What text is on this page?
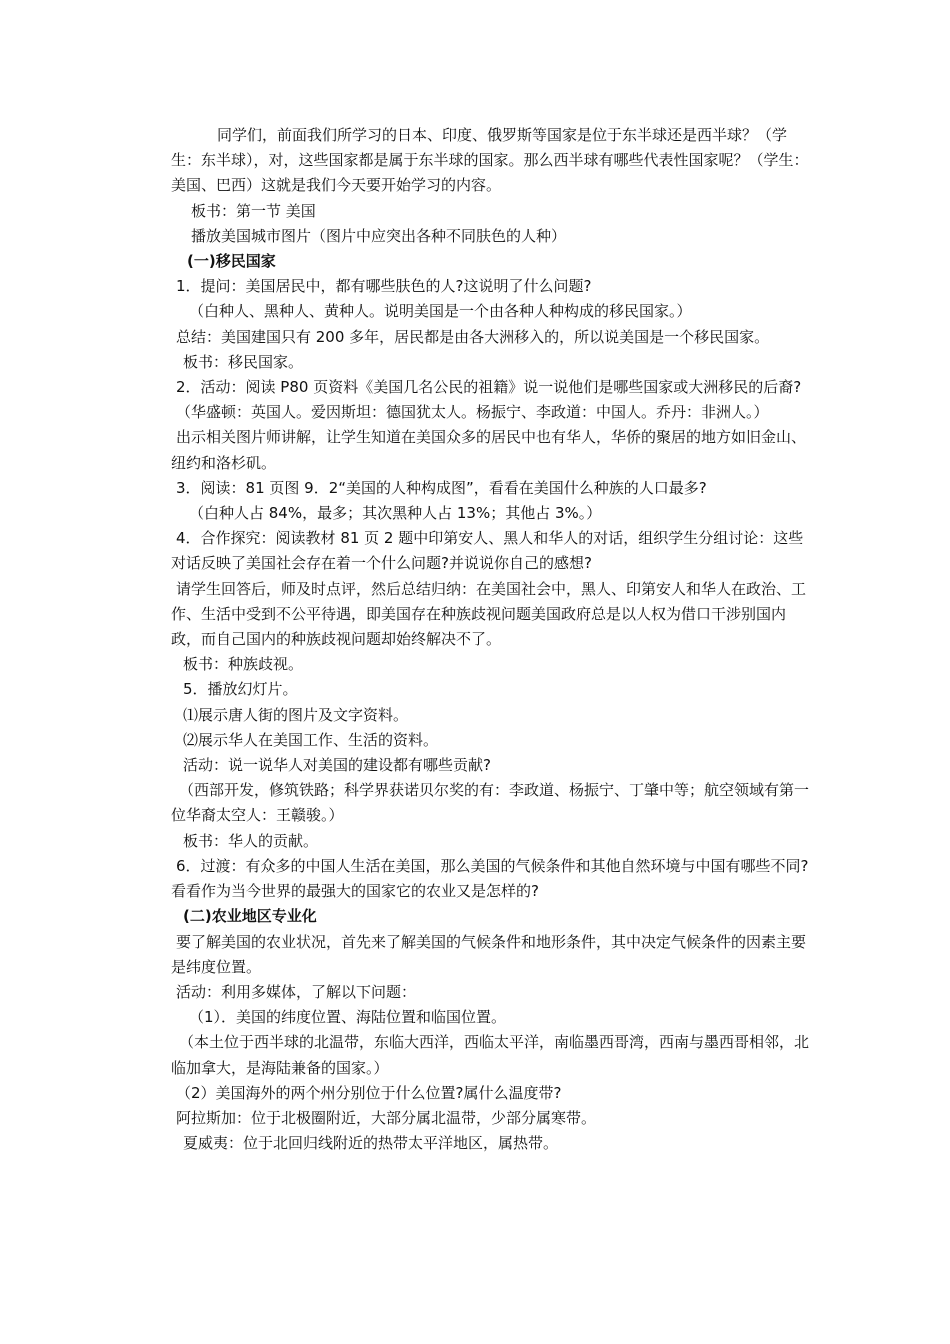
同学们，前面我们所学习的日本、印度、俄罗斯等国家是位于东半球还是西半球？（学生：东半球），对，这些国家都是属于东半球的国家。那么西半球有哪些代表性国家呢？（学生：美国、巴西）这就是我们今天要开始学习的内容。

板书：第一节 美国

播放美国城市图片（图片中应突出各种不同肤色的人种）

(一)移民国家

1．提问：美国居民中，都有哪些肤色的人?这说明了什么问题?

（白种人、黑种人、黄种人。说明美国是一个由各种人种构成的移民国家。）

总结：美国建国只有 200 多年，居民都是由各大洲移入的，所以说美国是一个移民国家。

板书：移民国家。

2．活动：阅读 P80 页资料《美国几名公民的祖籍》说一说他们是哪些国家或大洲移民的后裔?

（华盛顿：英国人。爱因斯坦：德国犹太人。杨振宁、李政道：中国人。乔丹：非洲人。）

出示相关图片师讲解，让学生知道在美国众多的居民中也有华人，华侨的聚居的地方如旧金山、纽约和洛杉矶。

3．阅读：81 页图 9．2“美国的人种构成图”，看看在美国什么种族的人口最多?

（白种人占 84%，最多；其次黑种人占 13%；其他占 3%。）

4．合作探究：阅读教材 81 页 2 题中印第安人、黑人和华人的对话，组织学生分组讨论：这些对话反映了美国社会存在着一个什么问题?并说说你自己的感想?

请学生回答后，师及时点评，然后总结归纳：在美国社会中，黑人、印第安人和华人在政治、工作、生活中受到不公平待遇，即美国存在种族歧视问题美国政府总是以人权为借口干涉别国内政，而自己国内的种族歧视问题却始终解决不了。

板书：种族歧视。

5．播放幻灯片。

⑴展示唐人街的图片及文字资料。

⑵展示华人在美国工作、生活的资料。

活动：说一说华人对美国的建设都有哪些贡献?

（西部开发，修筑铁路；科学界获诺贝尔奖的有：李政道、杨振宁、丁肇中等；航空领域有第一位华裔太空人：王赣骏。）

板书：华人的贡献。

6．过渡：有众多的中国人生活在美国，那么美国的气候条件和其他自然环境与中国有哪些不同?看看作为当今世界的最强大的国家它的农业又是怎样的?

(二)农业地区专业化

要了解美国的农业状况，首先来了解美国的气候条件和地形条件，其中决定气候条件的因素主要是纬度位置。

活动：利用多媒体，了解以下问题：

（1）．美国的纬度位置、海陆位置和临国位置。

（本土位于西半球的北温带，东临大西洋，西临太平洋，南临墨西哥湾，西南与墨西哥相邻，北临加拿大，是海陆兼备的国家。）

（2）美国海外的两个州分别位于什么位置?属什么温度带?

阿拉斯加：位于北极圈附近，大部分属北温带，少部分属寒带。

夏威夷：位于北回归线附近的热带太平洋地区，属热带。
